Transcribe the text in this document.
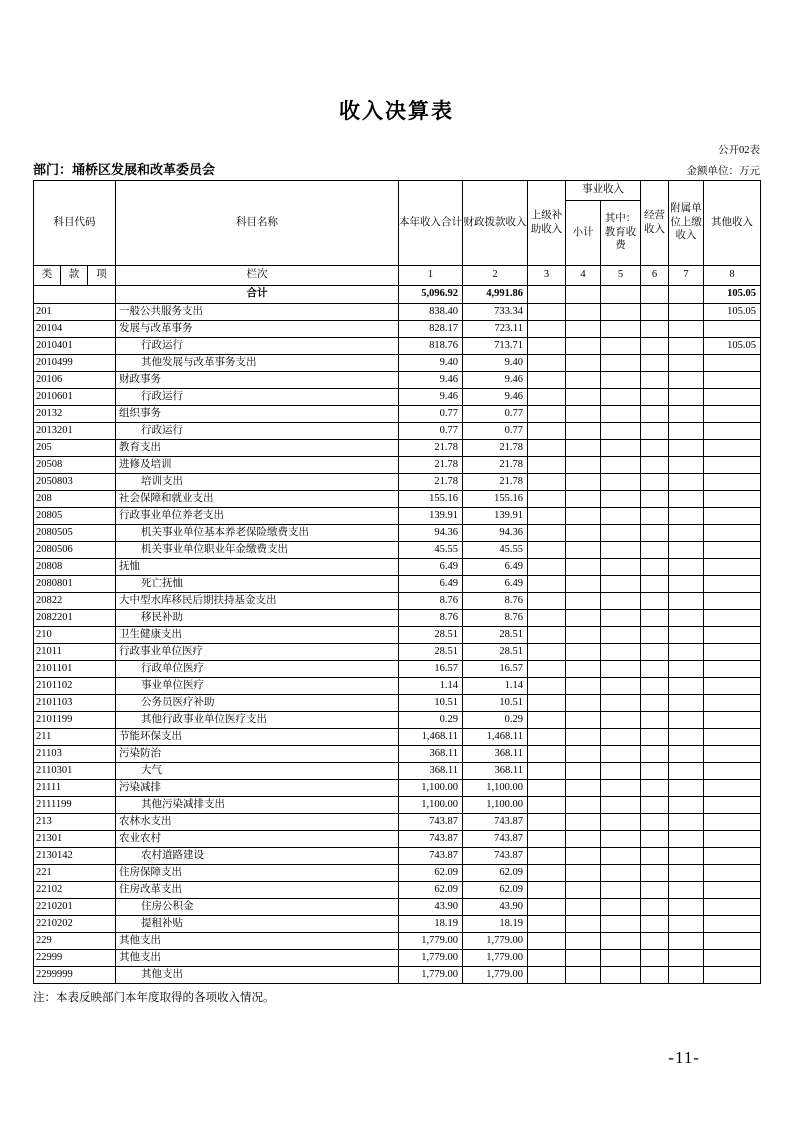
收入决算表
公开02表
部门：埇桥区发展和改革委员会	金额单位：万元
科目代码			科目名称	本年收入合计	财政拨款收入	上级补助收入	事业收入		经营收入	附属单位上缴收入	其他收入
							小计	其中：教育收费			
类	款	项	栏次	1	2	3	4	5	6	7	8
			合计	5,096.92	4,991.86						105.05
201			一般公共服务支出	838.40	733.34						105.05
20104			发展与改革事务	828.17	723.11						
2010401			行政运行	818.76	713.71						105.05
2010499			其他发展与改革事务支出	9.40	9.40						
20106			财政事务	9.46	9.46						
2010601			行政运行	9.46	9.46						
20132			组织事务	0.77	0.77						
2013201			行政运行	0.77	0.77						
205			教育支出	21.78	21.78						
20508			进修及培训	21.78	21.78						
2050803			培训支出	21.78	21.78						
208			社会保障和就业支出	155.16	155.16						
20805			行政事业单位养老支出	139.91	139.91						
2080505			机关事业单位基本养老保险缴费支出	94.36	94.36						
2080506			机关事业单位职业年金缴费支出	45.55	45.55						
20808			抚恤	6.49	6.49						
2080801			死亡抚恤	6.49	6.49						
20822			大中型水库移民后期扶持基金支出	8.76	8.76						
2082201			移民补助	8.76	8.76						
210			卫生健康支出	28.51	28.51						
21011			行政事业单位医疗	28.51	28.51						
2101101			行政单位医疗	16.57	16.57						
2101102			事业单位医疗	1.14	1.14						
2101103			公务员医疗补助	10.51	10.51						
2101199			其他行政事业单位医疗支出	0.29	0.29						
211			节能环保支出	1,468.11	1,468.11						
21103			污染防治	368.11	368.11						
2110301			大气	368.11	368.11						
21111			污染减排	1,100.00	1,100.00						
2111199			其他污染减排支出	1,100.00	1,100.00						
213			农林水支出	743.87	743.87						
21301			农业农村	743.87	743.87						
2130142			农村道路建设	743.87	743.87						
221			住房保障支出	62.09	62.09						
22102			住房改革支出	62.09	62.09						
2210201			住房公积金	43.90	43.90						
2210202			提租补贴	18.19	18.19						
229			其他支出	1,779.00	1,779.00						
22999			其他支出	1,779.00	1,779.00						
2299999			其他支出	1,779.00	1,779.00						
注：本表反映部门本年度取得的各项收入情况。
-11-
